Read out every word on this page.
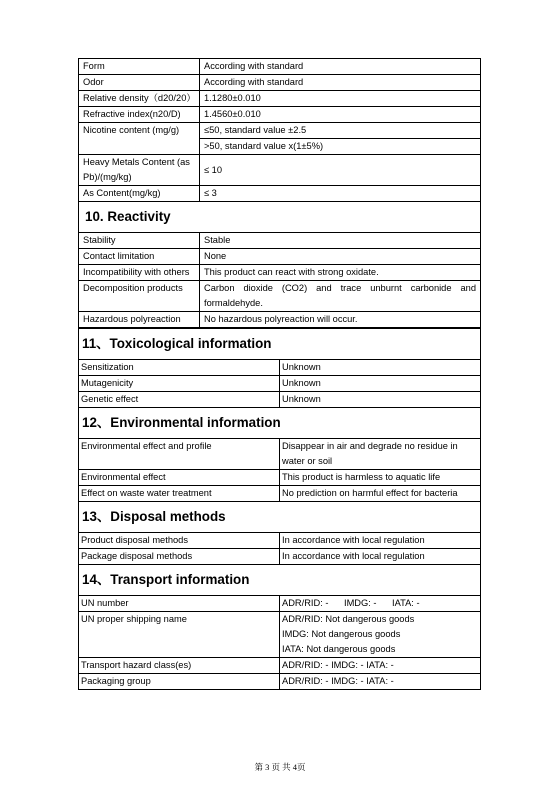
Form	According with standard
Odor	According with standard
Relative density（d20/20）	1.1280±0.010
Refractive index(n20/D)	1.4560±0.010
Nicotine content (mg/g)	≤50, standard value ±2.5
	>50, standard value x(1±5%)
Heavy Metals Content (as Pb)/(mg/kg)	≤ 10
As Content(mg/kg)	≤ 3
10. Reactivity	
Stability	Stable
Contact limitation	None
Incompatibility with others	This product can react with strong oxidate.
Decomposition products	Carbon dioxide (CO2) and trace unburnt carbonide and formaldehyde.
Hazardous polyreaction	No hazardous polyreaction will occur.
11、Toxicological information	
Sensitization	Unknown
Mutagenicity	Unknown
Genetic effect	Unknown
12、Environmental information	
Environmental effect and profile	Disappear in air and degrade no residue in water or soil
Environmental effect	This product is harmless to aquatic life
Effect on waste water treatment	No prediction on harmful effect for bacteria
13、Disposal methods	
Product disposal methods	In accordance with local regulation
Package disposal methods	In accordance with local regulation
14、Transport information	
UN number	ADR/RID: -      IMDG: -      IATA: -
UN proper shipping name	ADR/RID: Not dangerous goods
	IMDG: Not dangerous goods
	IATA: Not dangerous goods
Transport hazard class(es)	ADR/RID: - IMDG: - IATA: -
Packaging group	ADR/RID: - IMDG: - IATA: -
第 3 页 共 4页
